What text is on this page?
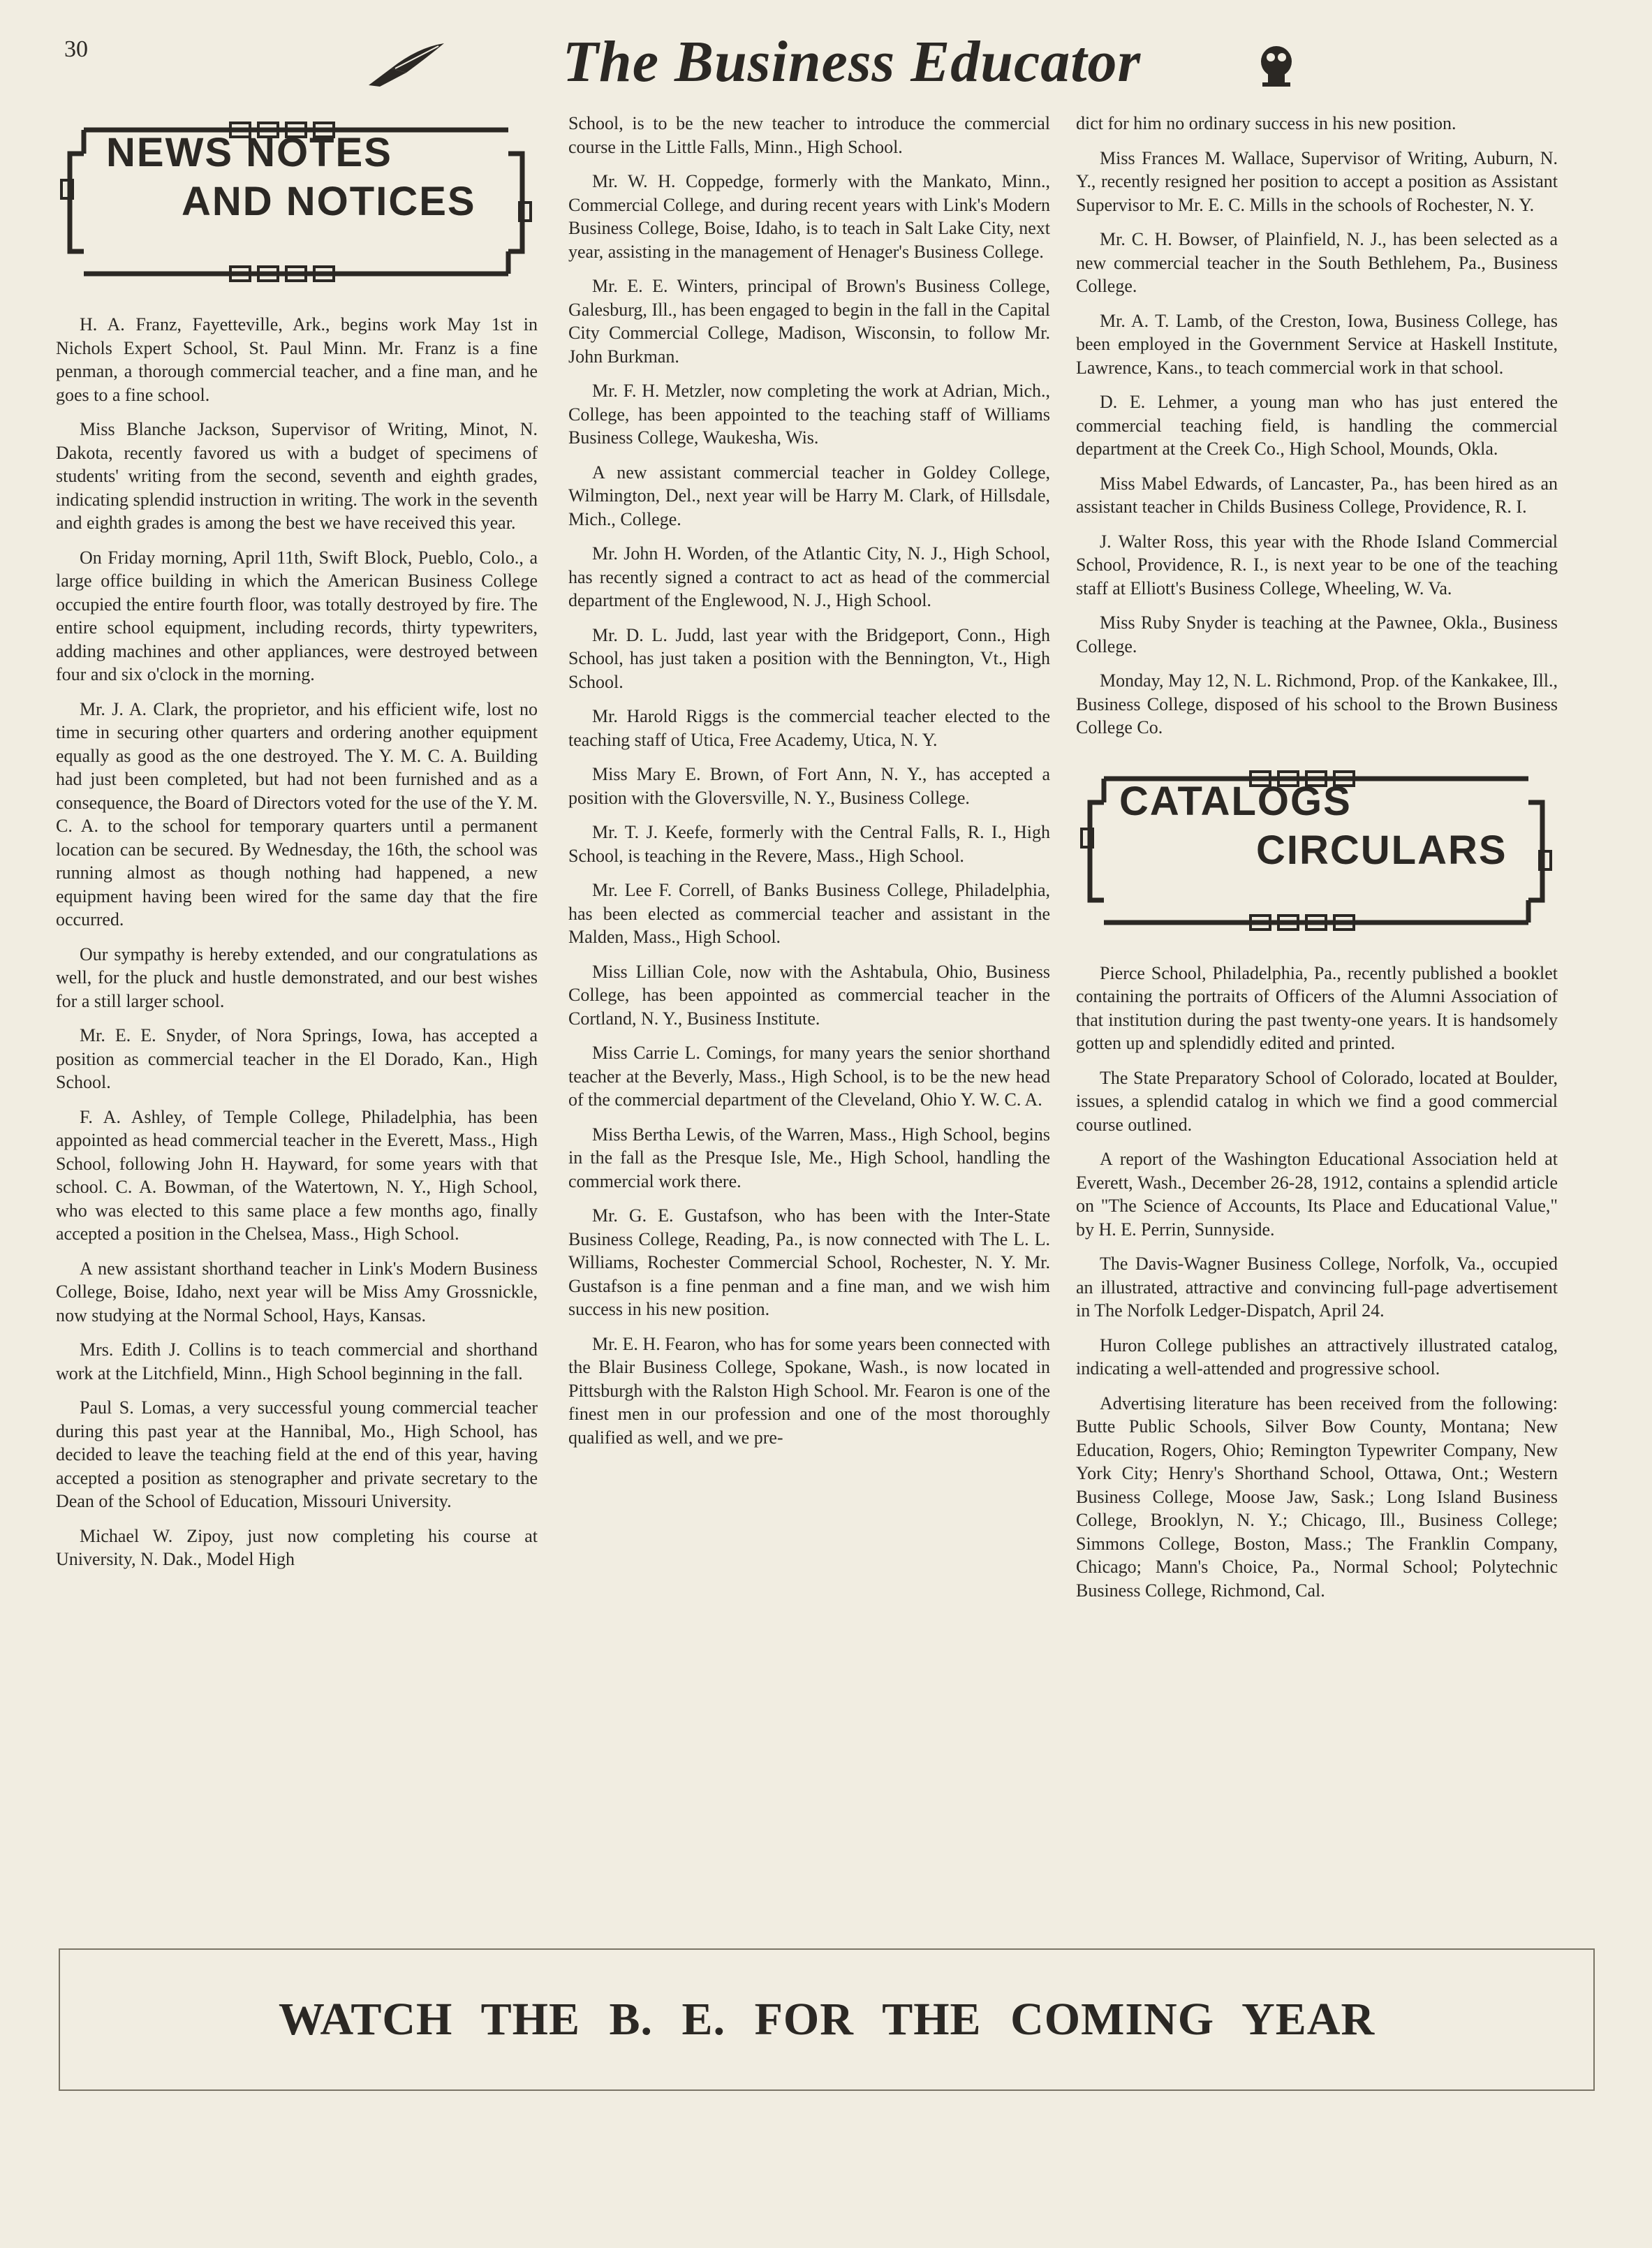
30	The Business Educator
NEWS NOTES
AND NOTICES

H. A. Franz, Fayetteville, Ark., begins work May 1st in Nichols Expert School, St. Paul Minn. Mr. Franz is a fine penman, a thorough commercial teacher, and a fine man, and he goes to a fine school.

Miss Blanche Jackson, Supervisor of Writing, Minot, N. Dakota, recently favored us with a budget of specimens of students' writing from the second, seventh and eighth grades, indicating splendid instruction in writing. The work in the seventh and eighth grades is among the best we have received this year.

On Friday morning, April 11th, Swift Block, Pueblo, Colo., a large office building in which the American Business College occupied the entire fourth floor, was totally destroyed by fire. The entire school equipment, including records, thirty typewriters, adding machines and other appliances, were destroyed between four and six o'clock in the morning.

Mr. J. A. Clark, the proprietor, and his efficient wife, lost no time in securing other quarters and ordering another equipment equally as good as the one destroyed. The Y. M. C. A. Building had just been completed, but had not been furnished and as a consequence, the Board of Directors voted for the use of the Y. M. C. A. to the school for temporary quarters until a permanent location can be secured. By Wednesday, the 16th, the school was running almost as though nothing had happened, a new equipment having been wired for the same day that the fire occurred.

Our sympathy is hereby extended, and our congratulations as well, for the pluck and hustle demonstrated, and our best wishes for a still larger school.

Mr. E. E. Snyder, of Nora Springs, Iowa, has accepted a position as commercial teacher in the El Dorado, Kan., High School.

F. A. Ashley, of Temple College, Philadelphia, has been appointed as head commercial teacher in the Everett, Mass., High School, following John H. Hayward, for some years with that school. C. A. Bowman, of the Watertown, N. Y., High School, who was elected to this same place a few months ago, finally accepted a position in the Chelsea, Mass., High School.

A new assistant shorthand teacher in Link's Modern Business College, Boise, Idaho, next year will be Miss Amy Grossnickle, now studying at the Normal School, Hays, Kansas.

Mrs. Edith J. Collins is to teach commercial and shorthand work at the Litchfield, Minn., High School beginning in the fall.

Paul S. Lomas, a very successful young commercial teacher during this past year at the Hannibal, Mo., High School, has decided to leave the teaching field at the end of this year, having accepted a position as stenographer and private secretary to the Dean of the School of Education, Missouri University.

Michael W. Zipoy, just now completing his course at University, N. Dak., Model High

School, is to be the new teacher to introduce the commercial course in the Little Falls, Minn., High School.

Mr. W. H. Coppedge, formerly with the Mankato, Minn., Commercial College, and during recent years with Link's Modern Business College, Boise, Idaho, is to teach in Salt Lake City, next year, assisting in the management of Henager's Business College.

Mr. E. E. Winters, principal of Brown's Business College, Galesburg, Ill., has been engaged to begin in the fall in the Capital City Commercial College, Madison, Wisconsin, to follow Mr. John Burkman.

Mr. F. H. Metzler, now completing the work at Adrian, Mich., College, has been appointed to the teaching staff of Williams Business College, Waukesha, Wis.

A new assistant commercial teacher in Goldey College, Wilmington, Del., next year will be Harry M. Clark, of Hillsdale, Mich., College.

Mr. John H. Worden, of the Atlantic City, N. J., High School, has recently signed a contract to act as head of the commercial department of the Englewood, N. J., High School.

Mr. D. L. Judd, last year with the Bridgeport, Conn., High School, has just taken a position with the Bennington, Vt., High School.

Mr. Harold Riggs is the commercial teacher elected to the teaching staff of Utica, Free Academy, Utica, N. Y.

Miss Mary E. Brown, of Fort Ann, N. Y., has accepted a position with the Gloversville, N. Y., Business College.

Mr. T. J. Keefe, formerly with the Central Falls, R. I., High School, is teaching in the Revere, Mass., High School.

Mr. Lee F. Correll, of Banks Business College, Philadelphia, has been elected as commercial teacher and assistant in the Malden, Mass., High School.

Miss Lillian Cole, now with the Ashtabula, Ohio, Business College, has been appointed as commercial teacher in the Cortland, N. Y., Business Institute.

Miss Carrie L. Comings, for many years the senior shorthand teacher at the Beverly, Mass., High School, is to be the new head of the commercial department of the Cleveland, Ohio Y. W. C. A.

Miss Bertha Lewis, of the Warren, Mass., High School, begins in the fall as the Presque Isle, Me., High School, handling the commercial work there.

Mr. G. E. Gustafson, who has been with the Inter-State Business College, Reading, Pa., is now connected with The L. L. Williams, Rochester Commercial School, Rochester, N. Y. Mr. Gustafson is a fine penman and a fine man, and we wish him success in his new position.

Mr. E. H. Fearon, who has for some years been connected with the Blair Business College, Spokane, Wash., is now located in Pittsburgh with the Ralston High School. Mr. Fearon is one of the finest men in our profession and one of the most thoroughly qualified as well, and we pre-

dict for him no ordinary success in his new position.

Miss Frances M. Wallace, Supervisor of Writing, Auburn, N. Y., recently resigned her position to accept a position as Assistant Supervisor to Mr. E. C. Mills in the schools of Rochester, N. Y.

Mr. C. H. Bowser, of Plainfield, N. J., has been selected as a new commercial teacher in the South Bethlehem, Pa., Business College.

Mr. A. T. Lamb, of the Creston, Iowa, Business College, has been employed in the Government Service at Haskell Institute, Lawrence, Kans., to teach commercial work in that school.

D. E. Lehmer, a young man who has just entered the commercial teaching field, is handling the commercial department at the Creek Co., High School, Mounds, Okla.

Miss Mabel Edwards, of Lancaster, Pa., has been hired as an assistant teacher in Childs Business College, Providence, R. I.

J. Walter Ross, this year with the Rhode Island Commercial School, Providence, R. I., is next year to be one of the teaching staff at Elliott's Business College, Wheeling, W. Va.

Miss Ruby Snyder is teaching at the Pawnee, Okla., Business College.

Monday, May 12, N. L. Richmond, Prop. of the Kankakee, Ill., Business College, disposed of his school to the Brown Business College Co.

CATALOGS
CIRCULARS

Pierce School, Philadelphia, Pa., recently published a booklet containing the portraits of Officers of the Alumni Association of that institution during the past twenty-one years. It is handsomely gotten up and splendidly edited and printed.

The State Preparatory School of Colorado, located at Boulder, issues, a splendid catalog in which we find a good commercial course outlined.

A report of the Washington Educational Association held at Everett, Wash., December 26-28, 1912, contains a splendid article on "The Science of Accounts, Its Place and Educational Value," by H. E. Perrin, Sunnyside.

The Davis-Wagner Business College, Norfolk, Va., occupied an illustrated, attractive and convincing full-page advertisement in The Norfolk Ledger-Dispatch, April 24.

Huron College publishes an attractively illustrated catalog, indicating a well-attended and progressive school.

Advertising literature has been received from the following: Butte Public Schools, Silver Bow County, Montana; New Education, Rogers, Ohio; Remington Typewriter Company, New York City; Henry's Shorthand School, Ottawa, Ont.; Western Business College, Moose Jaw, Sask.; Long Island Business College, Brooklyn, N. Y.; Chicago, Ill., Business College; Simmons College, Boston, Mass.; The Franklin Company, Chicago; Mann's Choice, Pa., Normal School; Polytechnic Business College, Richmond, Cal.

WATCH THE B. E. FOR THE COMING YEAR
